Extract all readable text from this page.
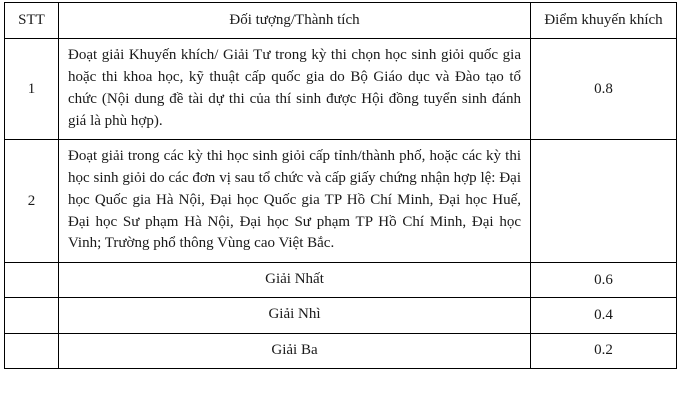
STT	Đối tượng/Thành tích	Điểm khuyến khích
1	Đoạt giải Khuyến khích/ Giải Tư trong kỳ thi chọn học sinh giỏi quốc gia hoặc thi khoa học, kỹ thuật cấp quốc gia do Bộ Giáo dục và Đào tạo tổ chức (Nội dung đề tài dự thi của thí sinh được Hội đồng tuyển sinh đánh giá là phù hợp).	0.8
2	Đoạt giải trong các kỳ thi học sinh giỏi cấp tỉnh/thành phố, hoặc các kỳ thi học sinh giỏi do các đơn vị sau tổ chức và cấp giấy chứng nhận hợp lệ: Đại học Quốc gia Hà Nội, Đại học Quốc gia TP Hồ Chí Minh, Đại học Huế, Đại học Sư phạm Hà Nội, Đại học Sư phạm TP Hồ Chí Minh, Đại học Vinh; Trường phổ thông Vùng cao Việt Bắc.	
	Giải Nhất	0.6
	Giải Nhì	0.4
	Giải Ba	0.2
